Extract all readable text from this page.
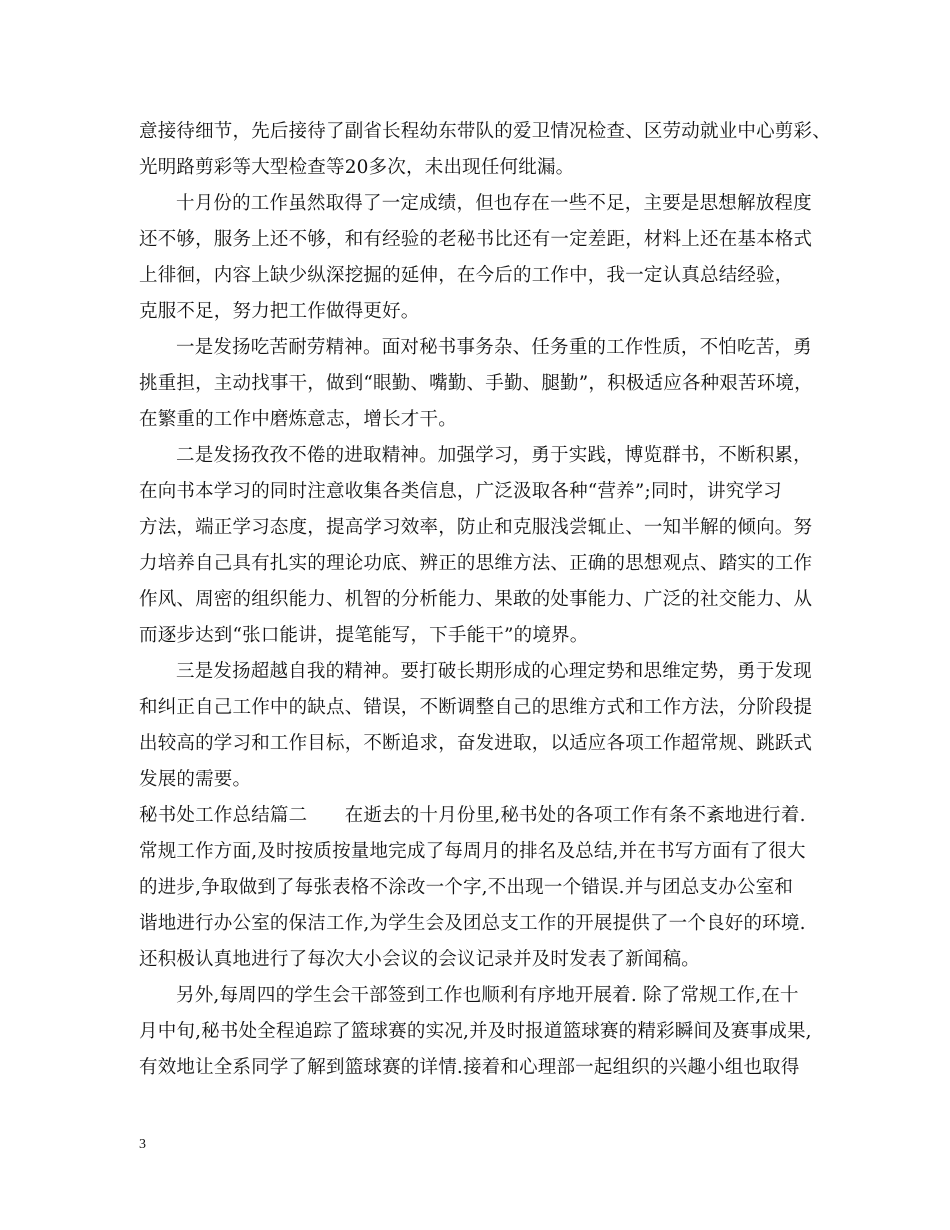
意接待细节，先后接待了副省长程幼东带队的爱卫情况检查、区劳动就业中心剪彩、
光明路剪彩等大型检查等20多次，未出现任何纰漏。
十月份的工作虽然取得了一定成绩，但也存在一些不足，主要是思想解放程度
还不够，服务上还不够，和有经验的老秘书比还有一定差距，材料上还在基本格式
上徘徊，内容上缺少纵深挖掘的延伸，在今后的工作中，我一定认真总结经验，
克服不足，努力把工作做得更好。
一是发扬吃苦耐劳精神。面对秘书事务杂、任务重的工作性质，不怕吃苦，勇
挑重担，主动找事干，做到“眼勤、嘴勤、手勤、腿勤”，积极适应各种艰苦环境，
在繁重的工作中磨炼意志，增长才干。
二是发扬孜孜不倦的进取精神。加强学习，勇于实践，博览群书，不断积累，
在向书本学习的同时注意收集各类信息，广泛汲取各种“营养”;同时，讲究学习
方法，端正学习态度，提高学习效率，防止和克服浅尝辄止、一知半解的倾向。努
力培养自己具有扎实的理论功底、辨正的思维方法、正确的思想观点、踏实的工作
作风、周密的组织能力、机智的分析能力、果敢的处事能力、广泛的社交能力、从
而逐步达到“张口能讲，提笔能写，下手能干”的境界。
三是发扬超越自我的精神。要打破长期形成的心理定势和思维定势，勇于发现
和纠正自己工作中的缺点、错误，不断调整自己的思维方式和工作方法，分阶段提
出较高的学习和工作目标，不断追求，奋发进取，以适应各项工作超常规、跳跃式
发展的需要。
秘书处工作总结篇二　　在逝去的十月份里,秘书处的各项工作有条不紊地进行着.
常规工作方面,及时按质按量地完成了每周月的排名及总结,并在书写方面有了很大
的进步,争取做到了每张表格不涂改一个字,不出现一个错误.并与团总支办公室和
谐地进行办公室的保洁工作,为学生会及团总支工作的开展提供了一个良好的环境.
还积极认真地进行了每次大小会议的会议记录并及时发表了新闻稿。
另外,每周四的学生会干部签到工作也顺利有序地开展着. 除了常规工作,在十
月中旬,秘书处全程追踪了篮球赛的实况,并及时报道篮球赛的精彩瞬间及赛事成果,
有效地让全系同学了解到篮球赛的详情.接着和心理部一起组织的兴趣小组也取得
3
